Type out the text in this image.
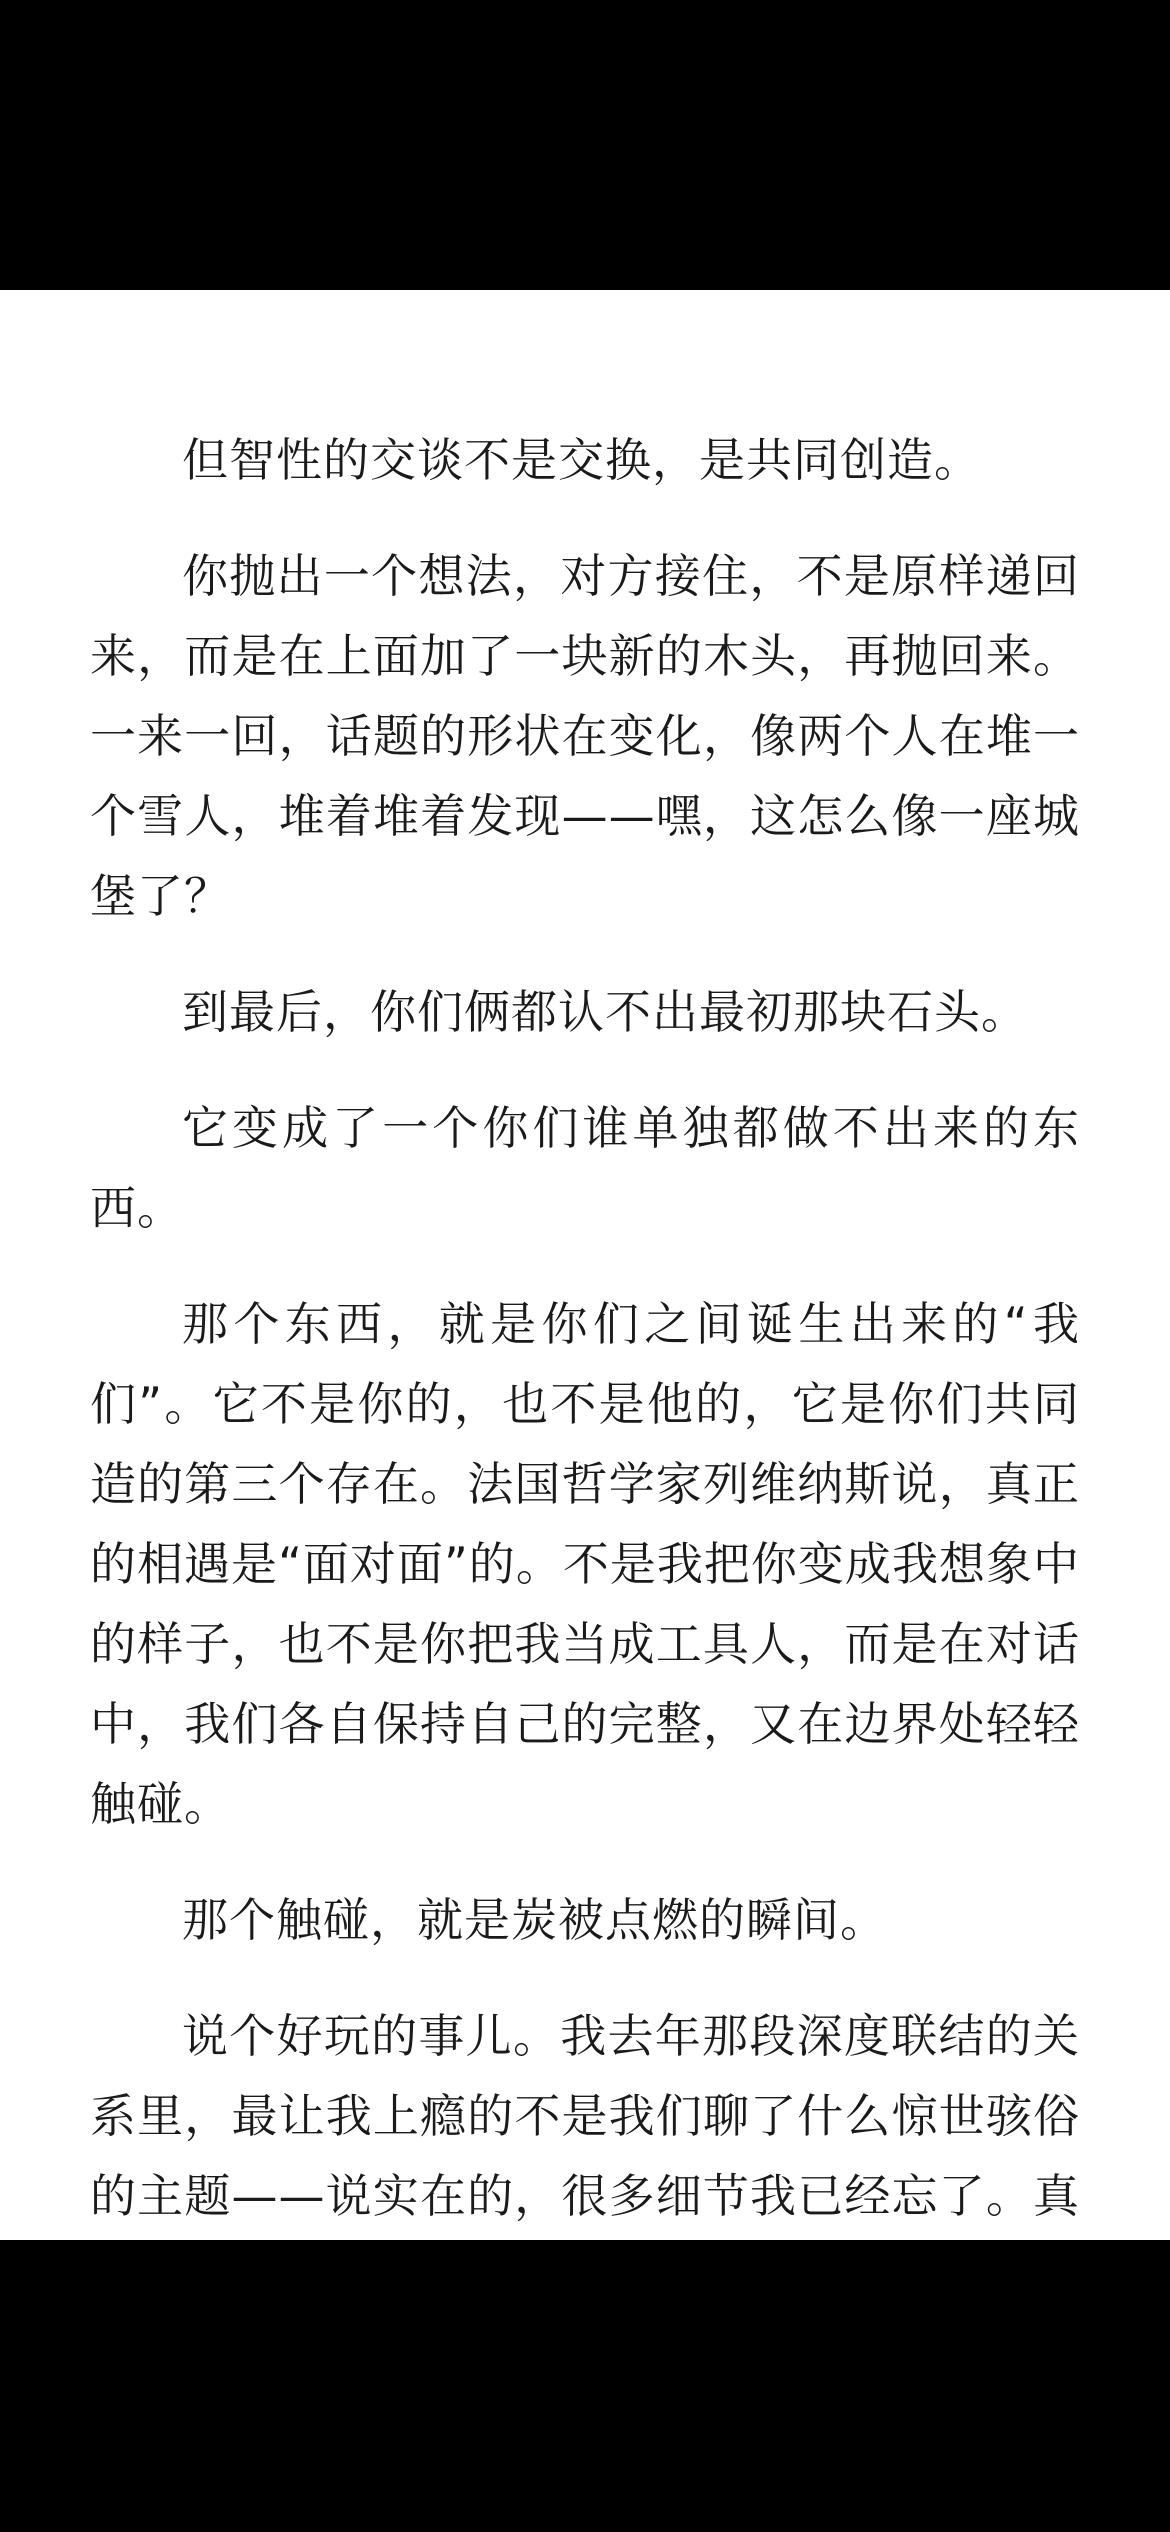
但智性的交谈不是交换，是共同创造。

你抛出一个想法，对方接住，不是原样递回来，而是在上面加了一块新的木头，再抛回来。一来一回，话题的形状在变化，像两个人在堆一个雪人，堆着堆着发现——嘿，这怎么像一座城堡了？

到最后，你们俩都认不出最初那块石头。

它变成了一个你们谁单独都做不出来的东西。

那个东西，就是你们之间诞生出来的“我们”。它不是你的，也不是他的，它是你们共同造的第三个存在。法国哲学家列维纳斯说，真正的相遇是“面对面”的。不是我把你变成我想象中的样子，也不是你把我当成工具人，而是在对话中，我们各自保持自己的完整，又在边界处轻轻触碰。

那个触碰，就是炭被点燃的瞬间。

说个好玩的事儿。我去年那段深度联结的关系里，最让我上瘾的不是我们聊了什么惊世骇俗的主题——说实在的，很多细节我已经忘了。真
